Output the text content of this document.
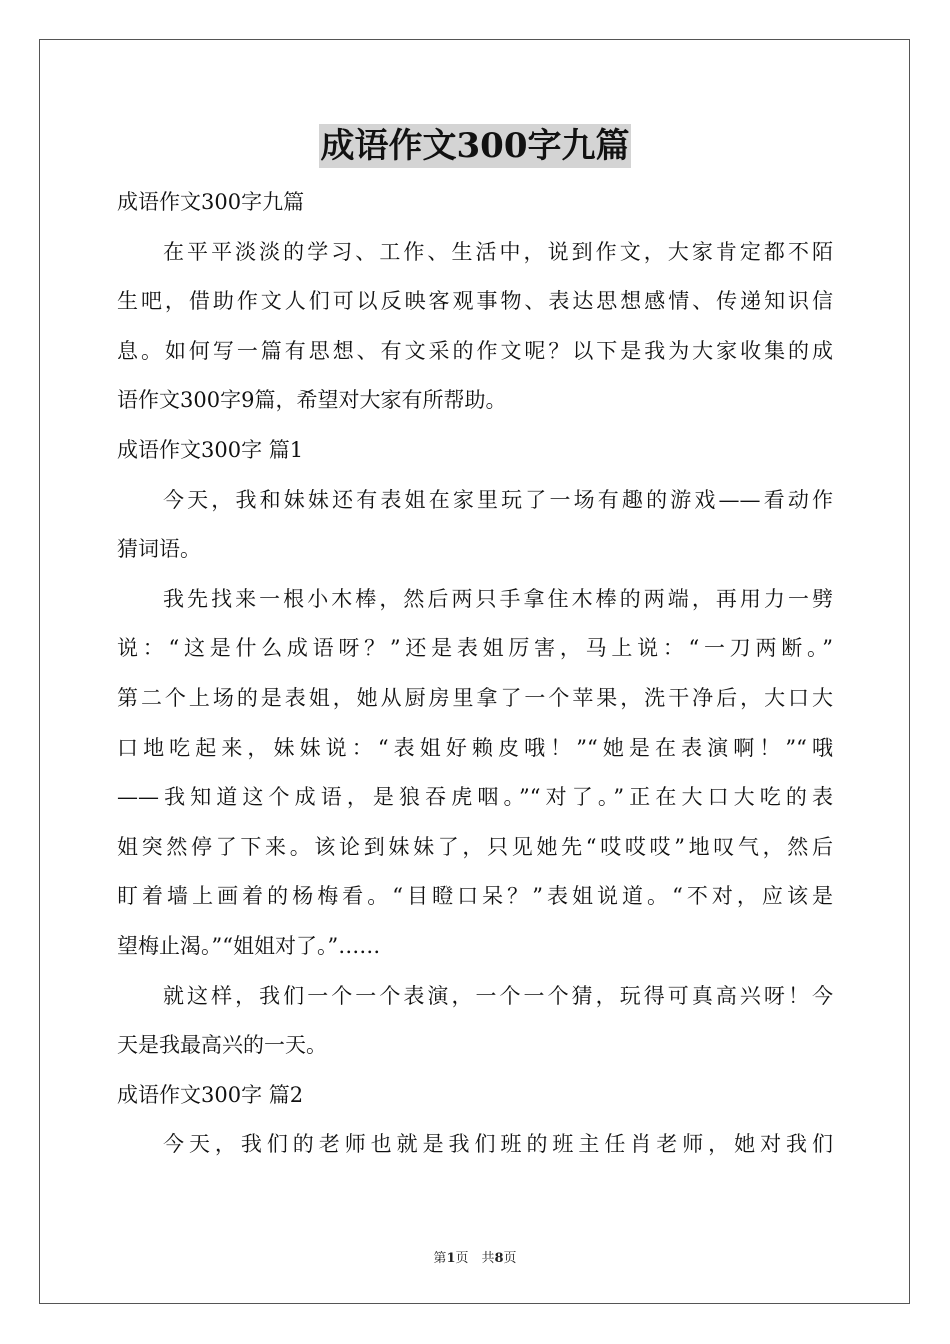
成语作文300字九篇
成语作文300字九篇
在平平淡淡的学习、工作、生活中，说到作文，大家肯定都不陌
生吧，借助作文人们可以反映客观事物、表达思想感情、传递知识信
息。如何写一篇有思想、有文采的作文呢？以下是我为大家收集的成
语作文300字9篇，希望对大家有所帮助。
成语作文300字 篇1
今天，我和妹妹还有表姐在家里玩了一场有趣的游戏——看动作
猜词语。
我先找来一根小木棒，然后两只手拿住木棒的两端，再用力一劈
说：“这是什么成语呀？”还是表姐厉害，马上说：“一刀两断。”
第二个上场的是表姐，她从厨房里拿了一个苹果，洗干净后，大口大
口地吃起来，妹妹说：“表姐好赖皮哦！”“她是在表演啊！”“哦
——我知道这个成语，是狼吞虎咽。”“对了。”正在大口大吃的表
姐突然停了下来。该论到妹妹了，只见她先“哎哎哎”地叹气，然后
盯着墙上画着的杨梅看。“目瞪口呆？”表姐说道。“不对，应该是
望梅止渴。”“姐姐对了。”……
就这样，我们一个一个表演，一个一个猜，玩得可真高兴呀！今
天是我最高兴的一天。
成语作文300字 篇2
今天，我们的老师也就是我们班的班主任肖老师，她对我们
第1页　共8页
